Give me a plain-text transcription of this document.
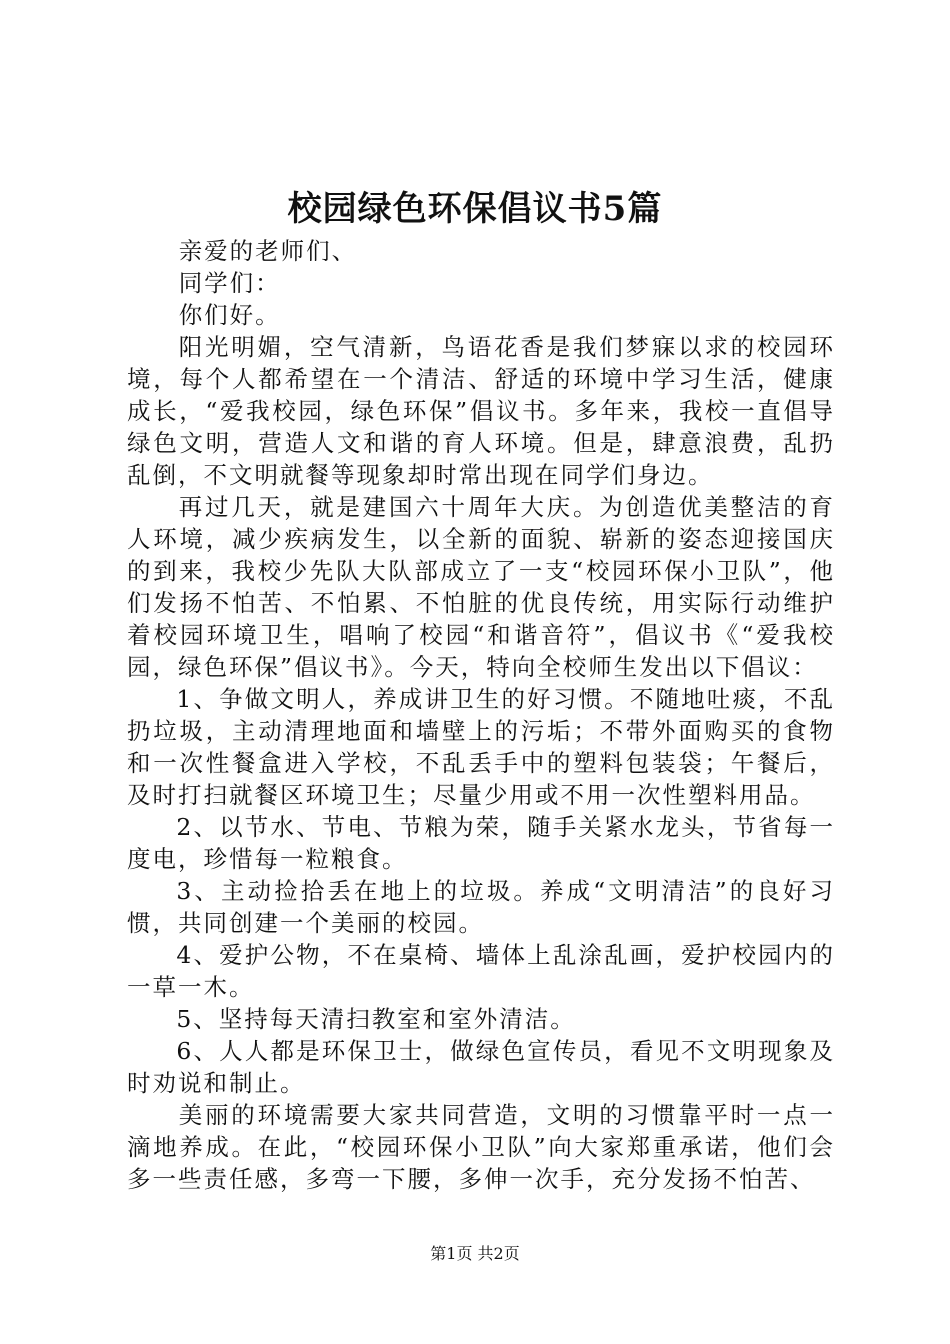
校园绿色环保倡议书5篇

亲爱的老师们、

同学们：

你们好。

阳光明媚，空气清新，鸟语花香是我们梦寐以求的校园环境，每个人都希望在一个清洁、舒适的环境中学习生活，健康成长，“爱我校园，绿色环保”倡议书。多年来，我校一直倡导绿色文明，营造人文和谐的育人环境。但是，肆意浪费，乱扔乱倒，不文明就餐等现象却时常出现在同学们身边。

再过几天，就是建国六十周年大庆。为创造优美整洁的育人环境，减少疾病发生，以全新的面貌、崭新的姿态迎接国庆的到来，我校少先队大队部成立了一支“校园环保小卫队”，他们发扬不怕苦、不怕累、不怕脏的优良传统，用实际行动维护着校园环境卫生，唱响了校园“和谐音符”，倡议书《“爱我校园，绿色环保”倡议书》。今天，特向全校师生发出以下倡议：

1、争做文明人，养成讲卫生的好习惯。不随地吐痰，不乱扔垃圾，主动清理地面和墙壁上的污垢；不带外面购买的食物和一次性餐盒进入学校，不乱丢手中的塑料包装袋；午餐后，及时打扫就餐区环境卫生；尽量少用或不用一次性塑料用品。

2、以节水、节电、节粮为荣，随手关紧水龙头，节省每一度电，珍惜每一粒粮食。

3、主动捡拾丢在地上的垃圾。养成“文明清洁”的良好习惯，共同创建一个美丽的校园。

4、爱护公物，不在桌椅、墙体上乱涂乱画，爱护校园内的一草一木。

5、坚持每天清扫教室和室外清洁。

6、人人都是环保卫士，做绿色宣传员，看见不文明现象及时劝说和制止。

美丽的环境需要大家共同营造，文明的习惯靠平时一点一滴地养成。在此，“校园环保小卫队”向大家郑重承诺，他们会多一些责任感，多弯一下腰，多伸一次手，充分发扬不怕苦、

第1页 共2页
